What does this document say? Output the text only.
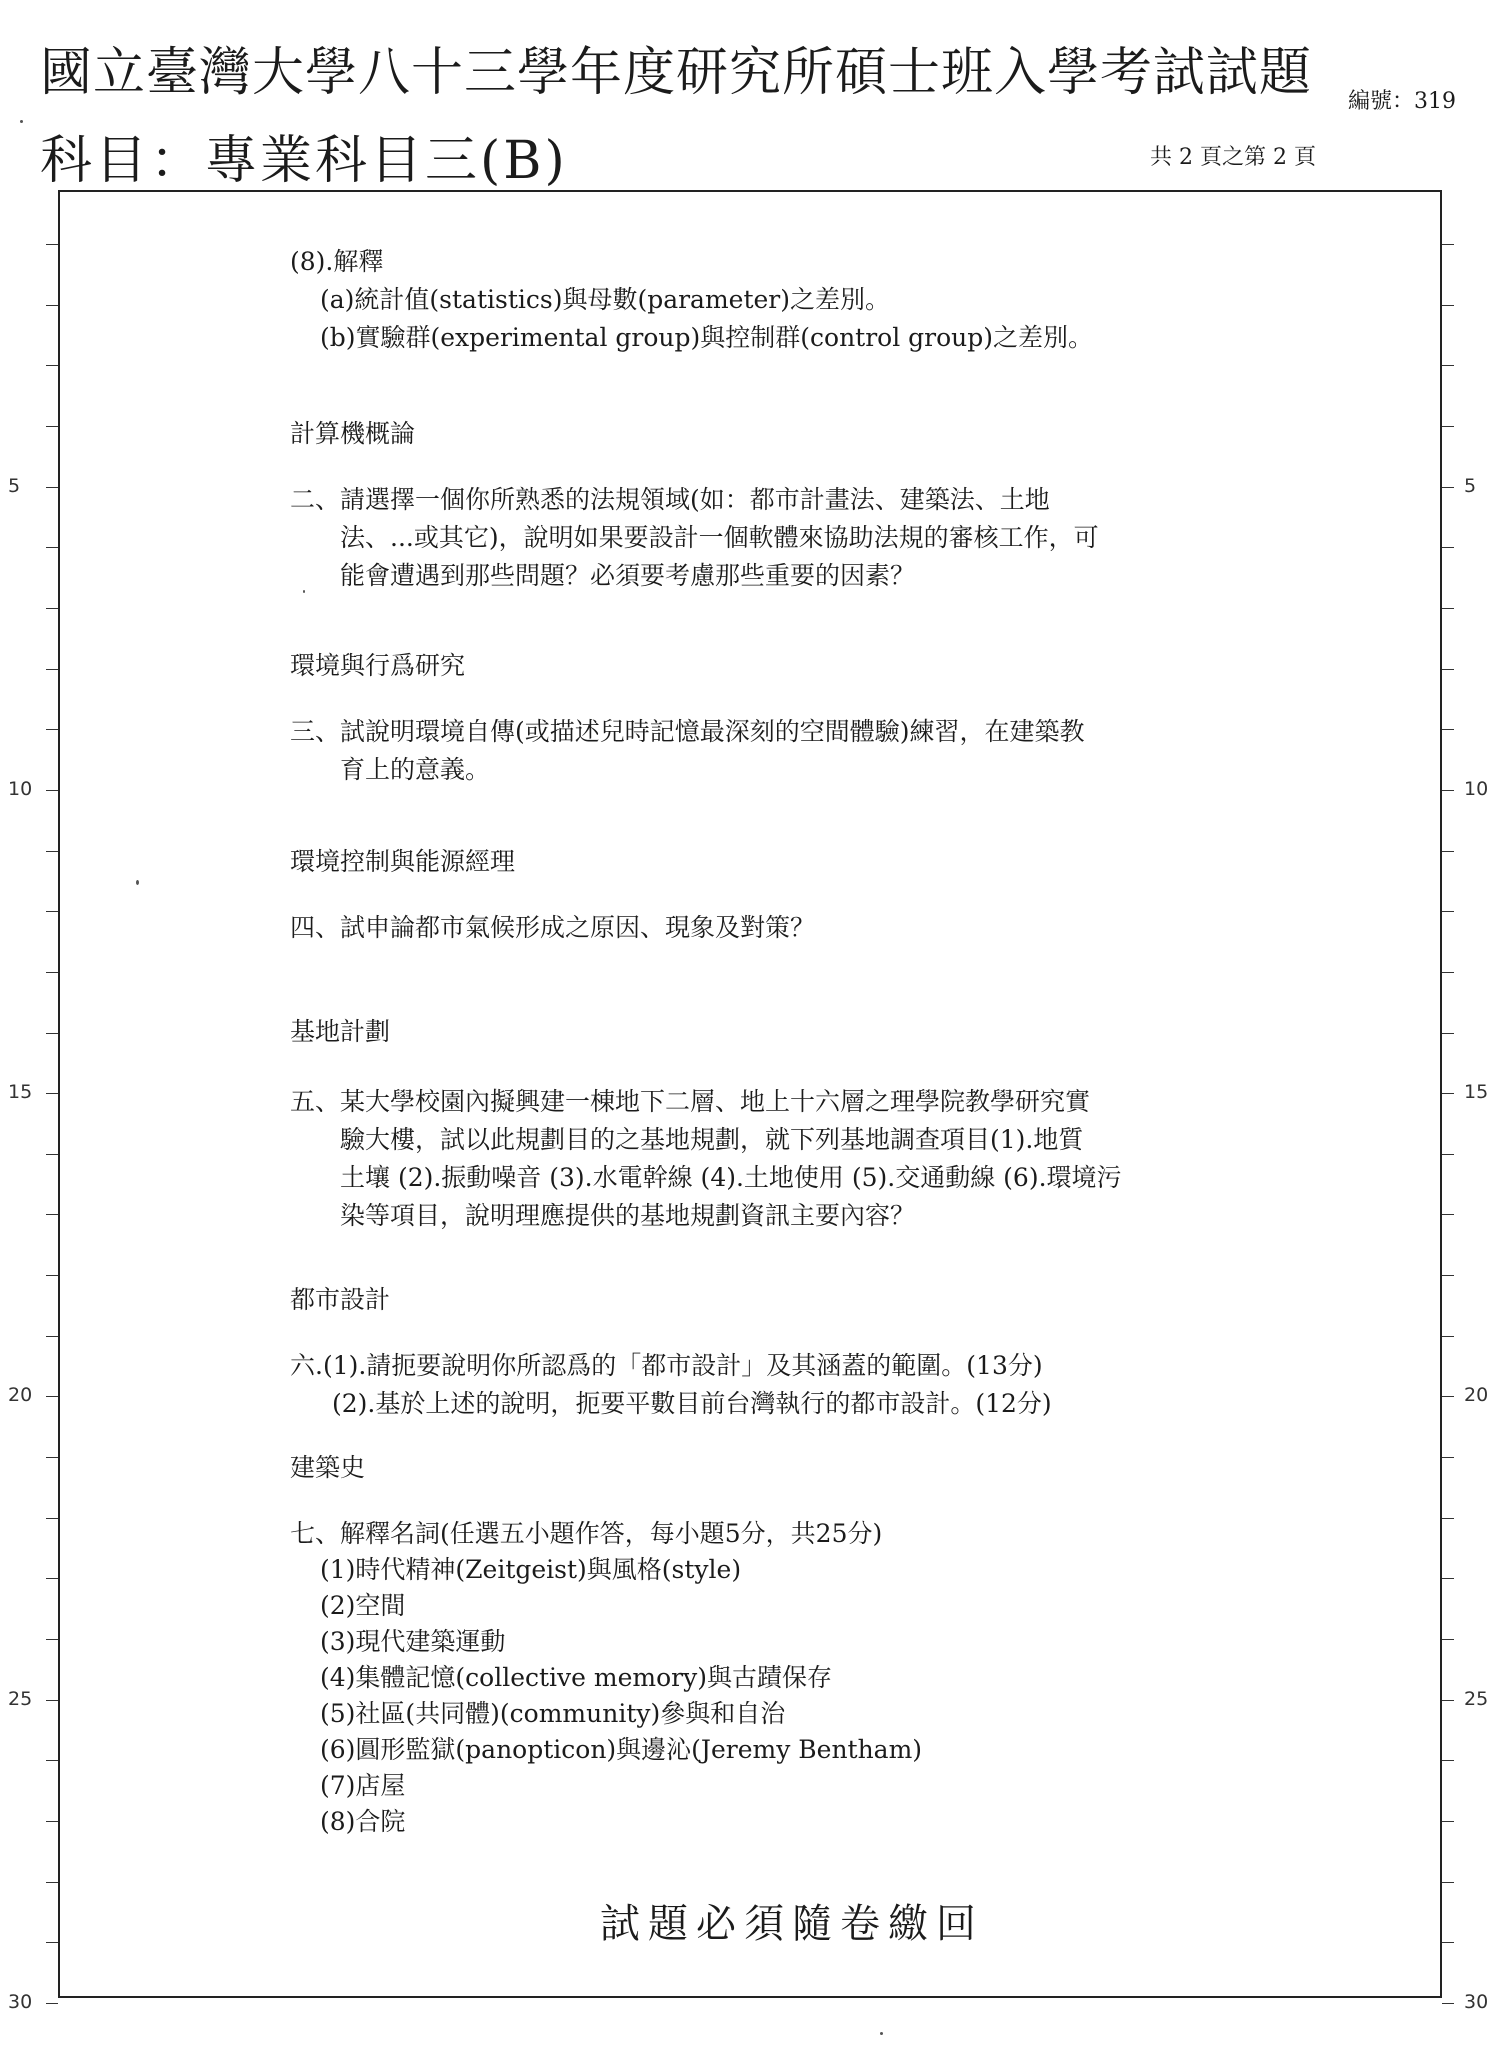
國立臺灣大學八十三學年度研究所碩士班入學考試試題
科目：專業科目三(B)
編號：319
共 2 頁之第 2 頁
5
10
15
20
25
30
5
10
15
20
25
30
(8).解釋
(a)統計值(statistics)與母數(parameter)之差別。
(b)實驗群(experimental group)與控制群(control group)之差別。
計算機概論
二、請選擇一個你所熟悉的法規領域(如：都市計畫法、建築法、土地
法、...或其它)，說明如果要設計一個軟體來協助法規的審核工作，可
能會遭遇到那些問題？必須要考慮那些重要的因素？
環境與行爲研究
三、試說明環境自傳(或描述兒時記憶最深刻的空間體驗)練習，在建築教
育上的意義。
環境控制與能源經理
四、試申論都市氣候形成之原因、現象及對策？
基地計劃
五、某大學校園內擬興建一棟地下二層、地上十六層之理學院教學研究實
驗大樓，試以此規劃目的之基地規劃，就下列基地調查項目(1).地質
土壤 (2).振動噪音 (3).水電幹線 (4).土地使用 (5).交通動線 (6).環境污
染等項目，說明理應提供的基地規劃資訊主要內容？
都市設計
六.(1).請扼要說明你所認爲的「都市設計」及其涵蓋的範圍。(13分)
(2).基於上述的說明，扼要平數目前台灣執行的都市設計。(12分)
建築史
七、解釋名詞(任選五小題作答，每小題5分，共25分)
(1)時代精神(Zeitgeist)與風格(style)
(2)空間
(3)現代建築運動
(4)集體記憶(collective memory)與古蹟保存
(5)社區(共同體)(community)參與和自治
(6)圓形監獄(panopticon)與邊沁(Jeremy Bentham)
(7)店屋
(8)合院
試題必須隨卷繳回
